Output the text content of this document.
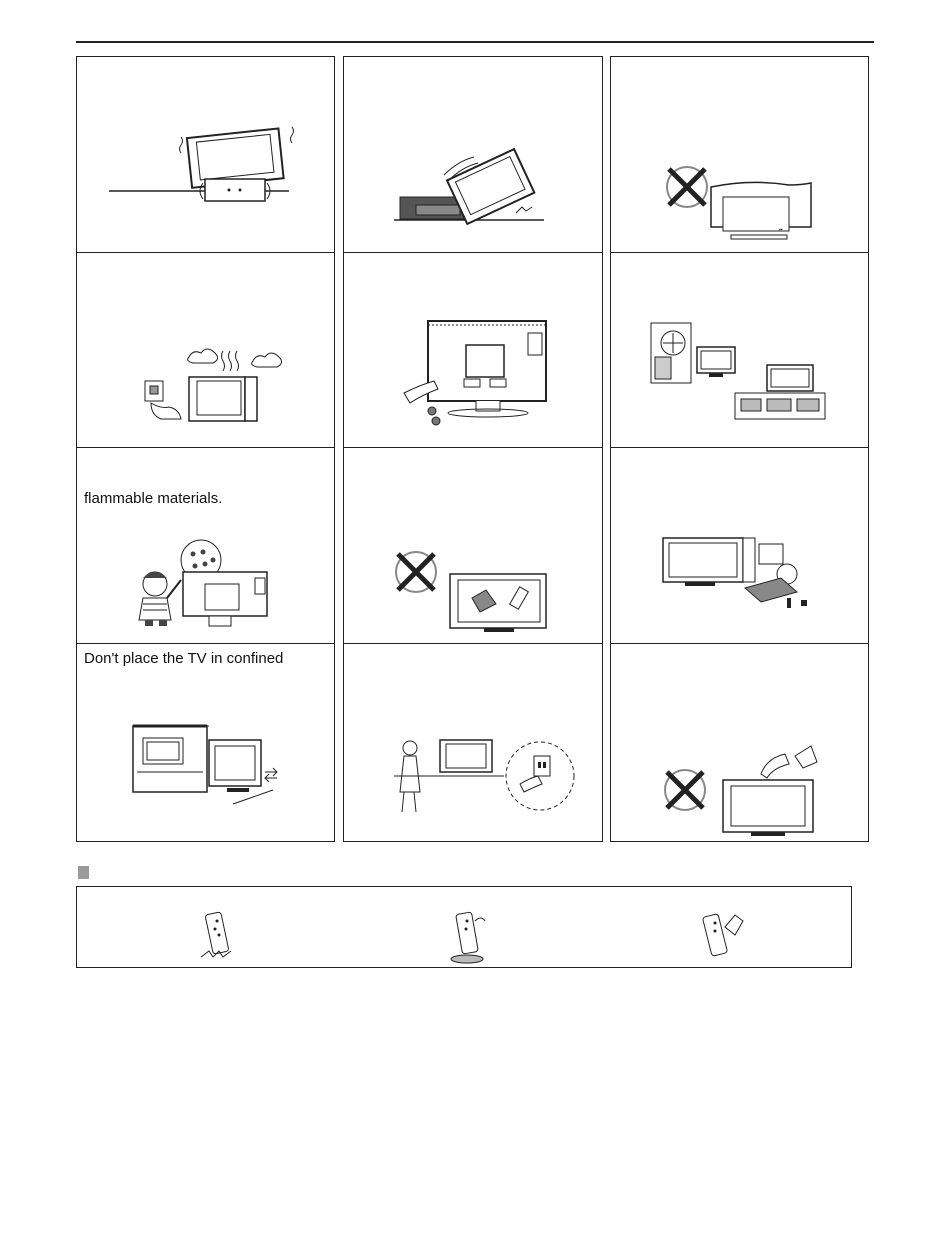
▪▪
flammable materials.
Don't place the TV in confined
